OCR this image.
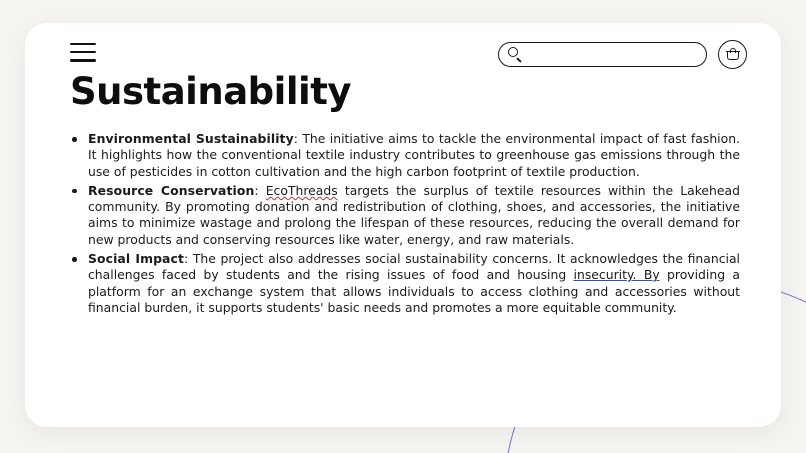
Sustainability
Environmental Sustainability: The initiative aims to tackle the environmental impact of fast fashion. It highlights how the conventional textile industry contributes to greenhouse gas emissions through the use of pesticides in cotton cultivation and the high carbon footprint of textile production.
Resource Conservation: EcoThreads targets the surplus of textile resources within the Lakehead community. By promoting donation and redistribution of clothing, shoes, and accessories, the initiative aims to minimize wastage and prolong the lifespan of these resources, reducing the overall demand for new products and conserving resources like water, energy, and raw materials.
Social Impact: The project also addresses social sustainability concerns. It acknowledges the financial challenges faced by students and the rising issues of food and housing insecurity. By providing a platform for an exchange system that allows individuals to access clothing and accessories without financial burden, it supports students' basic needs and promotes a more equitable community.
